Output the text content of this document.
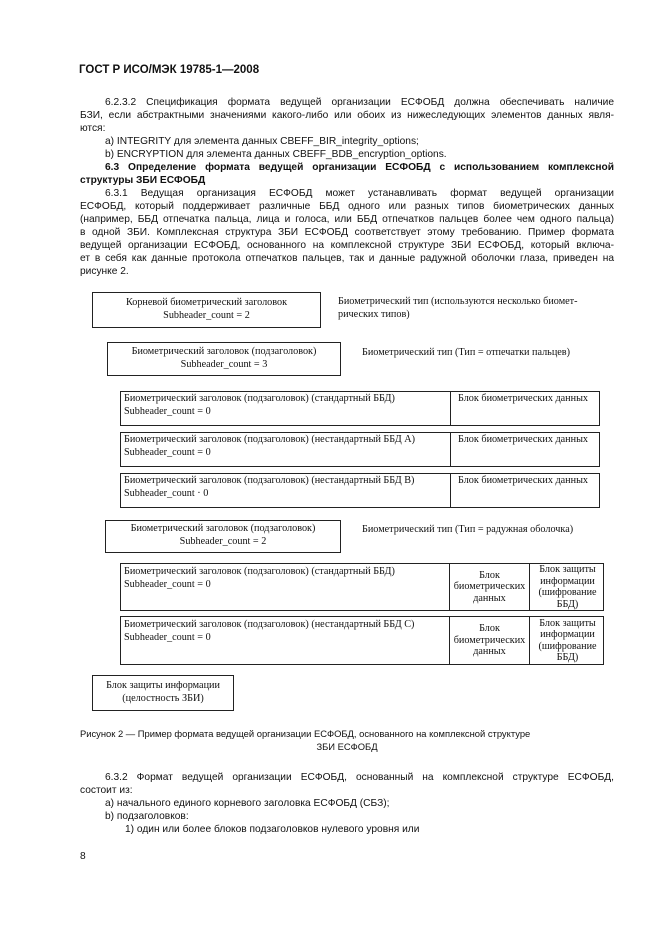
ГОСТ Р ИСО/МЭК 19785-1—2008
6.2.3.2 Спецификация формата ведущей организации ЕСФОБД должна обеспечивать наличие
БЗИ, если абстрактными значениями какого-либо или обоих из нижеследующих элементов данных явля-
ются:
a) INTEGRITY для элемента данных CBEFF_BIR_integrity_options;
b) ENCRYPTION для элемента данных CBEFF_BDB_encryption_options.
6.3 Определение формата ведущей организации ЕСФОБД с использованием комплексной
структуры ЗБИ ЕСФОБД
6.3.1 Ведущая организация ЕСФОБД может устанавливать формат ведущей организации
ЕСФОБД, который поддерживает различные ББД одного или разных типов биометрических данных
(например, ББД отпечатка пальца, лица и голоса, или ББД отпечатков пальцев более чем одного пальца)
в одной ЗБИ. Комплексная структура ЗБИ ЕСФОБД соответствует этому требованию. Пример формата
ведущей организации ЕСФОБД, основанного на комплексной структуре ЗБИ ЕСФОБД, который включа-
ет в себя как данные протокола отпечатков пальцев, так и данные радужной оболочки глаза, приведен на
рисунке 2.
Корневой биометрический заголовок
Subheader_count = 2
Биометрический тип (используются несколько биомет-
рических типов)
Биометрический заголовок (подзаголовок)
Subheader_count = 3
Биометрический тип (Тип = отпечатки пальцев)
Биометрический заголовок (подзаголовок) (стандартный ББД)
Subheader_count = 0
Блок биометрических данных
Биометрический заголовок (подзаголовок) (нестандартный ББД А)
Subheader_count = 0
Блок биометрических данных
Биометрический заголовок (подзаголовок) (нестандартный ББД В)
Subheader_count · 0
Блок биометрических данных
Биометрический заголовок (подзаголовок)
Subheader_count = 2
Биометрический тип (Тип = радужная оболочка)
Биометрический заголовок (подзаголовок) (стандартный ББД)
Subheader_count = 0
Блок
биометрических
данных
Блок защиты
информации
(шифрование
ББД)
Биометрический заголовок (подзаголовок) (нестандартный ББД С)
Subheader_count = 0
Блок
биометрических
данных
Блок защиты
информации
(шифрование
ББД)
Блок защиты информации
(целостность ЗБИ)
Рисунок 2 — Пример формата ведущей организации ЕСФОБД, основанного на комплексной структуре
ЗБИ ЕСФОБД
6.3.2 Формат ведущей организации ЕСФОБД, основанный на комплексной структуре ЕСФОБД,
состоит из:
a) начального единого корневого заголовка ЕСФОБД (СБЗ);
b) подзаголовков:
1) один или более блоков подзаголовков нулевого уровня или
8
